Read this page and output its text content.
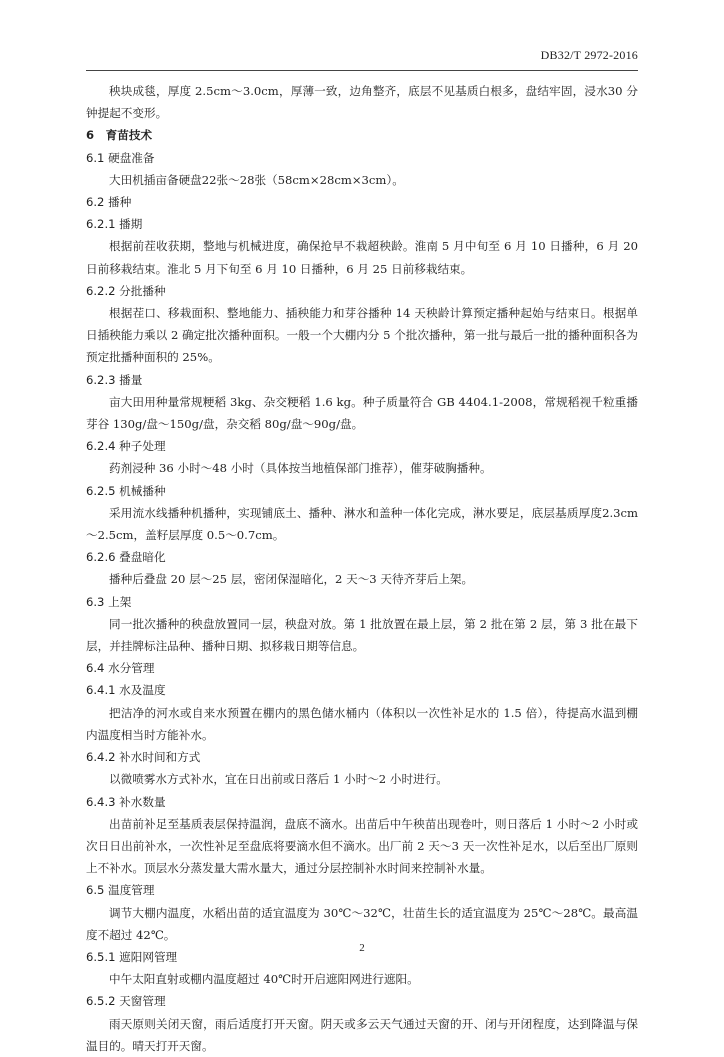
DB32/T 2972-2016

秧块成毯，厚度 2.5cm～3.0cm，厚薄一致，边角整齐，底层不见基质白根多，盘结牢固，浸水30 分钟提起不变形。

6　育苗技术

6.1 硬盘准备

大田机插亩备硬盘22张～28张（58cm×28cm×3cm）。

6.2 播种

6.2.1 播期

根据前茬收获期，整地与机械进度，确保抢早不栽超秧龄。淮南 5 月中旬至 6 月 10 日播种，6 月 20 日前移栽结束。淮北 5 月下旬至 6 月 10 日播种，6 月 25 日前移栽结束。

6.2.2 分批播种

根据茬口、移栽面积、整地能力、插秧能力和芽谷播种 14 天秧龄计算预定播种起始与结束日。根据单日插秧能力乘以 2 确定批次播种面积。一般一个大棚内分 5 个批次播种，第一批与最后一批的播种面积各为预定批播种面积的 25%。

6.2.3 播量

亩大田用种量常规粳稻 3kg、杂交粳稻 1.6 kg。种子质量符合 GB 4404.1-2008，常规稻视千粒重播芽谷 130g/盘～150g/盘，杂交稻 80g/盘～90g/盘。

6.2.4 种子处理

药剂浸种 36 小时～48 小时（具体按当地植保部门推荐），催芽破胸播种。

6.2.5 机械播种

采用流水线播种机播种，实现铺底土、播种、淋水和盖种一体化完成，淋水要足，底层基质厚度2.3cm～2.5cm，盖籽层厚度 0.5～0.7cm。

6.2.6 叠盘暗化

播种后叠盘 20 层～25 层，密闭保湿暗化，2 天～3 天待齐芽后上架。

6.3 上架

同一批次播种的秧盘放置同一层，秧盘对放。第 1 批放置在最上层，第 2 批在第 2 层，第 3 批在最下层，并挂牌标注品种、播种日期、拟移栽日期等信息。

6.4 水分管理

6.4.1 水及温度

把洁净的河水或自来水预置在棚内的黑色储水桶内（体积以一次性补足水的 1.5 倍），待提高水温到棚内温度相当时方能补水。

6.4.2 补水时间和方式

以微喷雾水方式补水，宜在日出前或日落后 1 小时～2 小时进行。

6.4.3 补水数量

出苗前补足至基质表层保持温润，盘底不滴水。出苗后中午秧苗出现卷叶，则日落后 1 小时～2 小时或次日日出前补水，一次性补足至盘底将要滴水但不滴水。出厂前 2 天～3 天一次性补足水，以后至出厂原则上不补水。顶层水分蒸发量大需水量大，通过分层控制补水时间来控制补水量。

6.5 温度管理

调节大棚内温度，水稻出苗的适宜温度为 30℃～32℃，壮苗生长的适宜温度为 25℃～28℃。最高温度不超过 42℃。

6.5.1 遮阳网管理

中午太阳直射或棚内温度超过 40℃时开启遮阳网进行遮阳。

6.5.2 天窗管理

雨天原则关闭天窗，雨后适度打开天窗。阴天或多云天气通过天窗的开、闭与开闭程度，达到降温与保温目的。晴天打开天窗。

2
